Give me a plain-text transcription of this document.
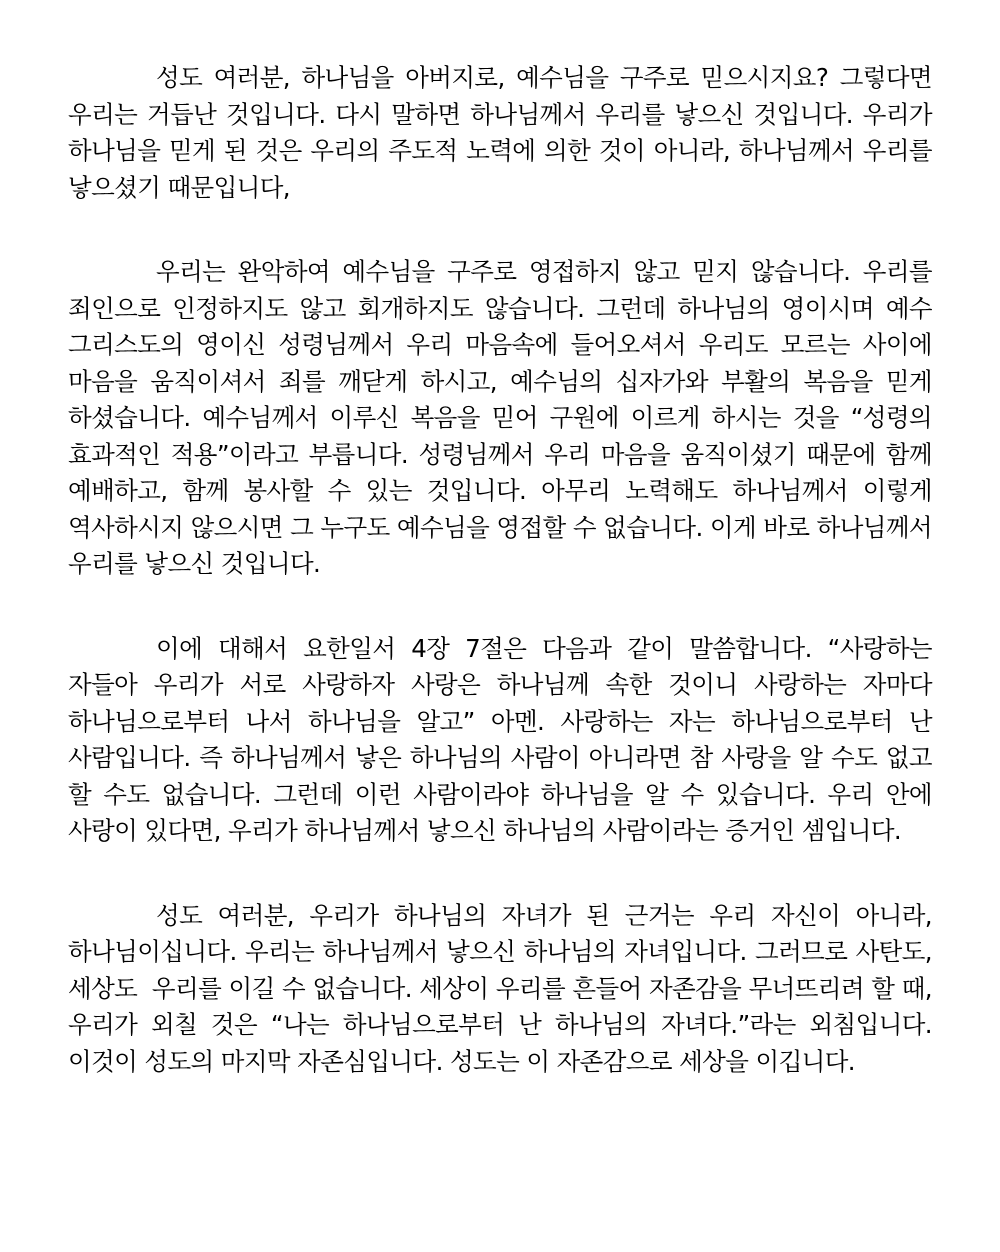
성도 여러분, 하나님을 아버지로, 예수님을 구주로 믿으시지요? 그렇다면 우리는 거듭난 것입니다. 다시 말하면 하나님께서 우리를 낳으신 것입니다. 우리가 하나님을 믿게 된 것은 우리의 주도적 노력에 의한 것이 아니라, 하나님께서 우리를 낳으셨기 때문입니다,

우리는 완악하여 예수님을 구주로 영접하지 않고 믿지 않습니다. 우리를 죄인으로 인정하지도 않고 회개하지도 않습니다. 그런데 하나님의 영이시며 예수 그리스도의 영이신 성령님께서 우리 마음속에 들어오셔서 우리도 모르는 사이에 마음을 움직이셔서 죄를 깨닫게 하시고, 예수님의 십자가와 부활의 복음을 믿게 하셨습니다. 예수님께서 이루신 복음을 믿어 구원에 이르게 하시는 것을 “성령의 효과적인 적용”이라고 부릅니다. 성령님께서 우리 마음을 움직이셨기 때문에 함께 예배하고, 함께 봉사할 수 있는 것입니다. 아무리 노력해도 하나님께서 이렇게 역사하시지 않으시면 그 누구도 예수님을 영접할 수 없습니다. 이게 바로 하나님께서 우리를 낳으신 것입니다.

이에 대해서 요한일서 4장 7절은 다음과 같이 말씀합니다. “사랑하는 자들아 우리가 서로 사랑하자 사랑은 하나님께 속한 것이니 사랑하는 자마다 하나님으로부터 나서 하나님을 알고” 아멘. 사랑하는 자는 하나님으로부터 난 사람입니다. 즉 하나님께서 낳은 하나님의 사람이 아니라면 참 사랑을 알 수도 없고 할 수도 없습니다. 그런데 이런 사람이라야 하나님을 알 수 있습니다. 우리 안에 사랑이 있다면, 우리가 하나님께서 낳으신 하나님의 사람이라는 증거인 셈입니다.

성도 여러분, 우리가 하나님의 자녀가 된 근거는 우리 자신이 아니라, 하나님이십니다. 우리는 하나님께서 낳으신 하나님의 자녀입니다. 그러므로 사탄도, 세상도  우리를 이길 수 없습니다. 세상이 우리를 흔들어 자존감을 무너뜨리려 할 때, 우리가 외칠 것은 “나는 하나님으로부터 난 하나님의 자녀다.”라는 외침입니다. 이것이 성도의 마지막 자존심입니다. 성도는 이 자존감으로 세상을 이깁니다.
